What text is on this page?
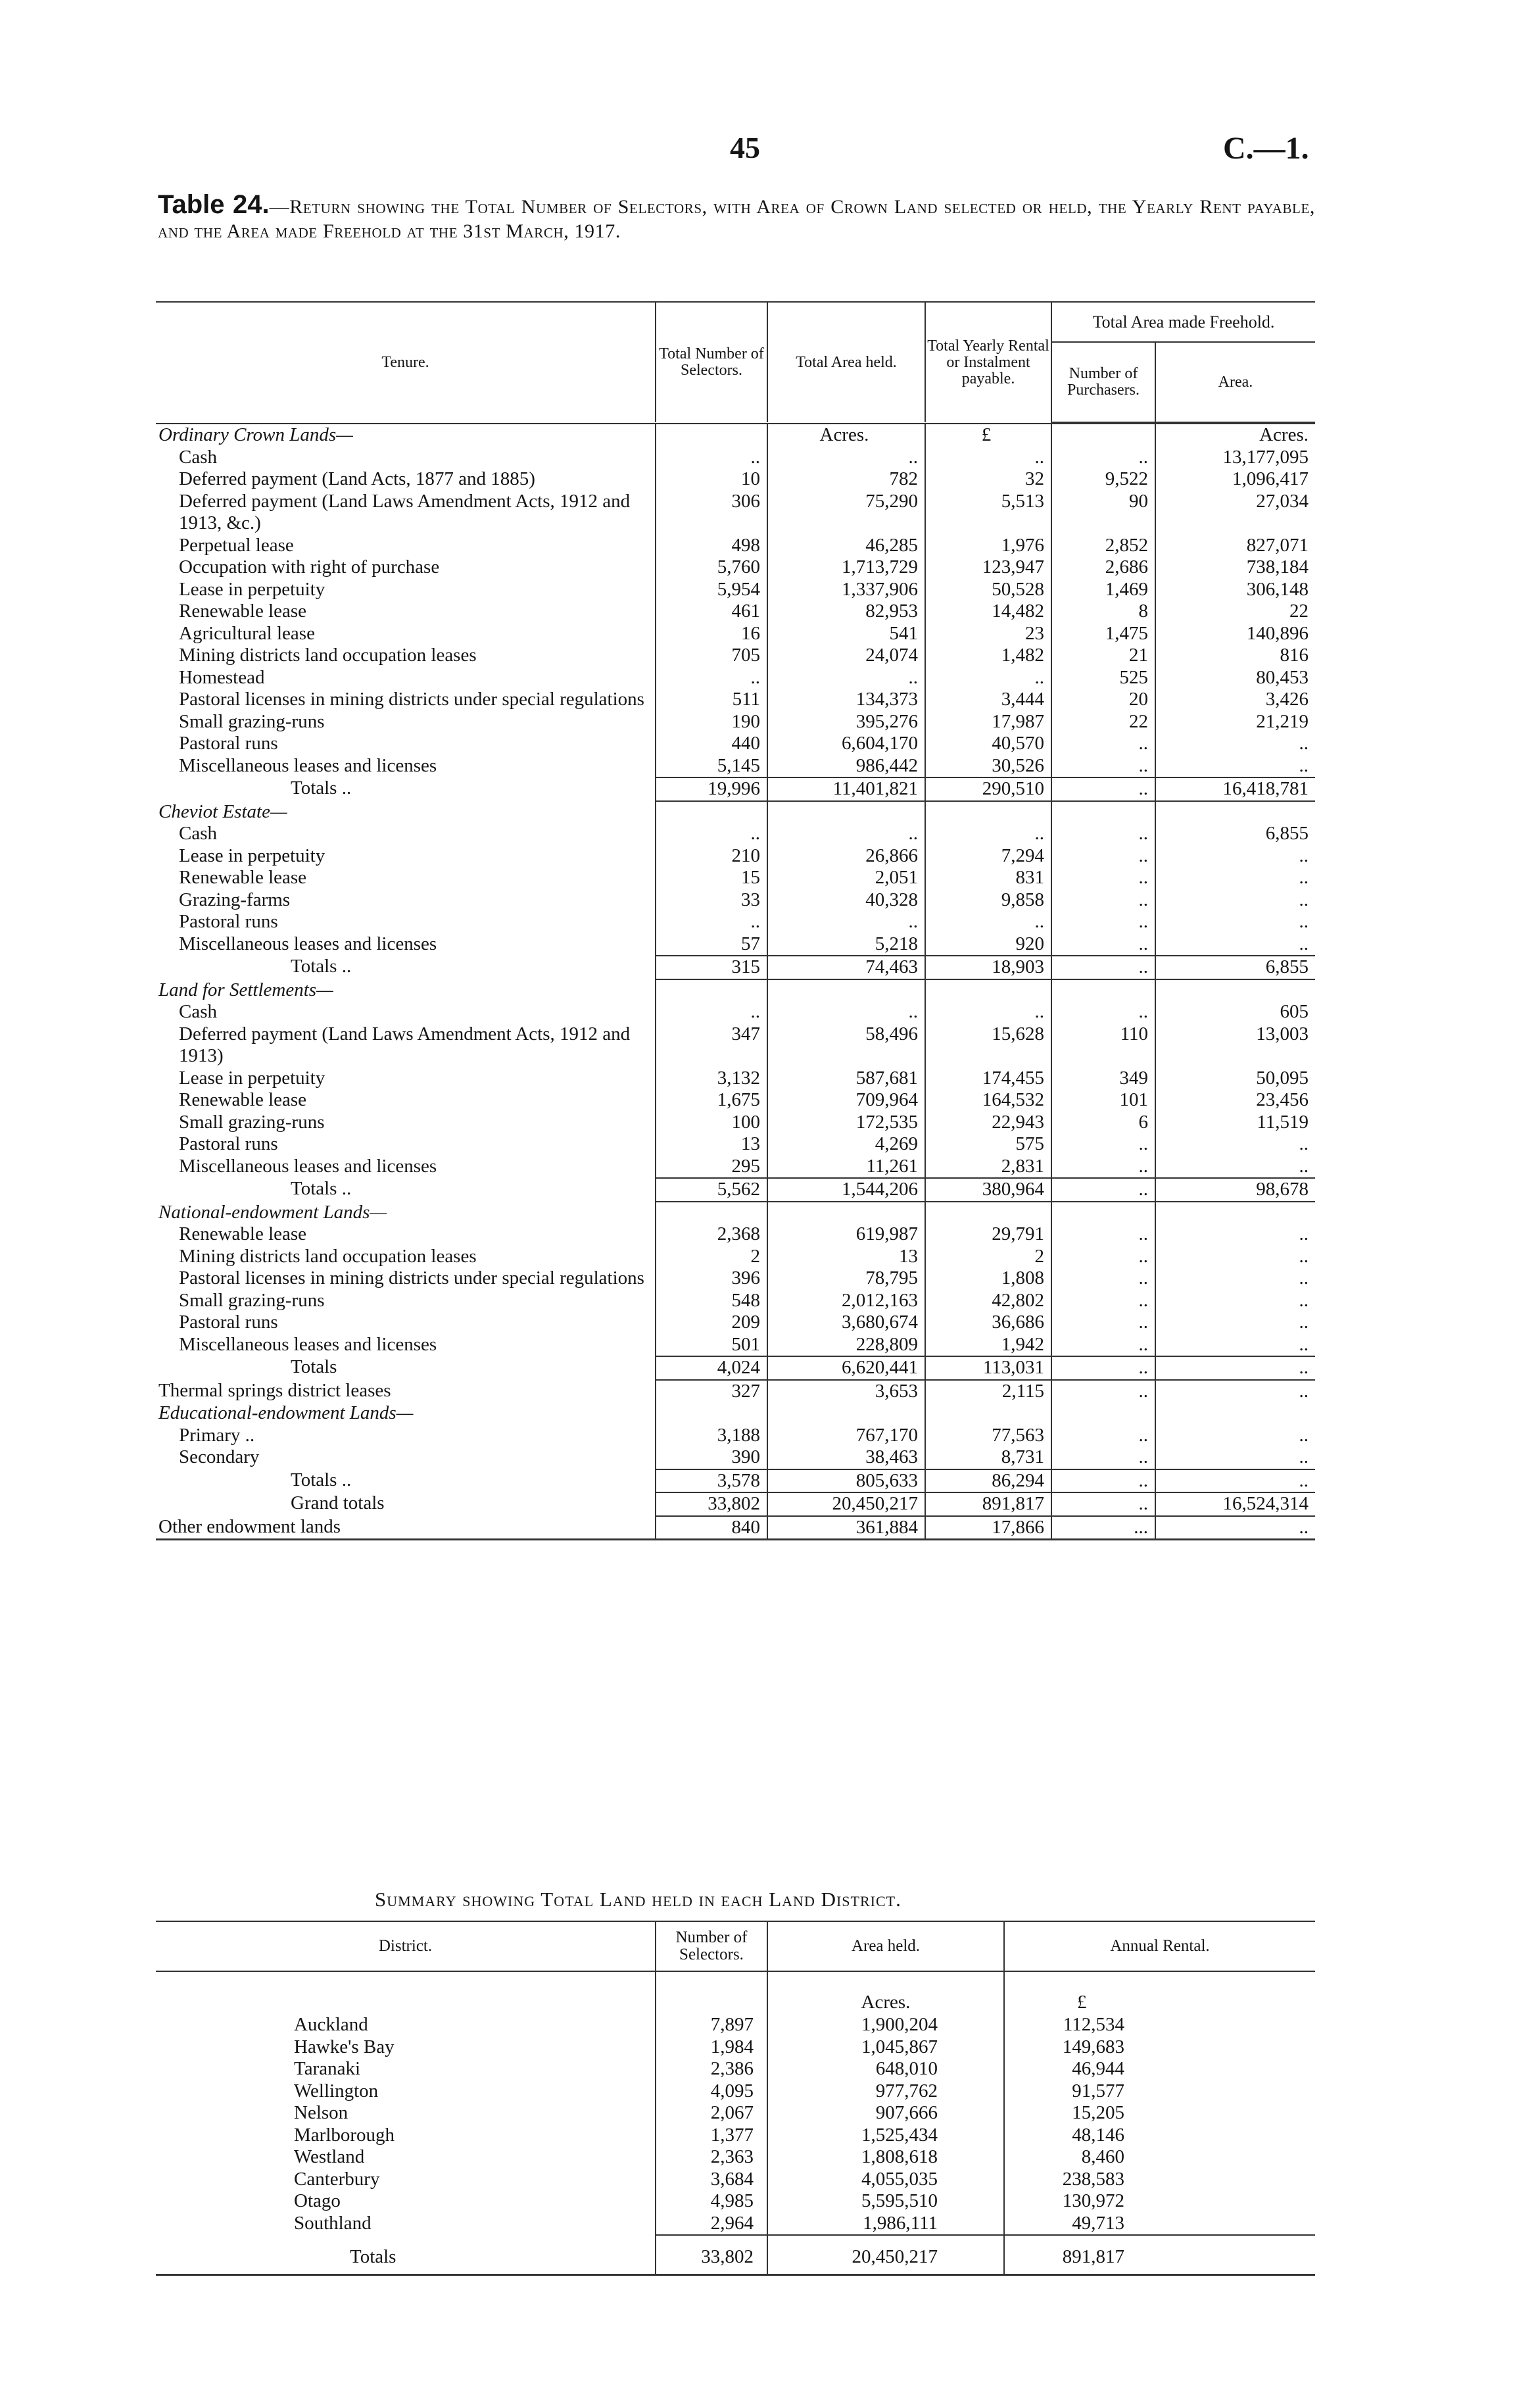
45	C.—1.
Table 24.—Return showing the Total Number of Selectors, with Area of Crown Land selected or held, the Yearly Rent payable, and the Area made Freehold at the 31st March, 1917.
Tenure.	Total Number of Selectors.	Total Area held.	Total Yearly Rental or Instalment payable.	Total Area made Freehold.	
				Number of Purchasers.	Area.

Ordinary Crown Lands—		Acres.	£		Acres.
Cash	..	..	..	..	13,177,095
Deferred payment (Land Acts, 1877 and 1885)	10	782	32	9,522	1,096,417
Deferred payment (Land Laws Amendment Acts, 1912 and 1913, &c.)	306	75,290	5,513	90	27,034
Perpetual lease	498	46,285	1,976	2,852	827,071
Occupation with right of purchase	5,760	1,713,729	123,947	2,686	738,184
Lease in perpetuity	5,954	1,337,906	50,528	1,469	306,148
Renewable lease	461	82,953	14,482	8	22
Agricultural lease	16	541	23	1,475	140,896
Mining districts land occupation leases	705	24,074	1,482	21	816
Homestead	..	..	..	525	80,453
Pastoral licenses in mining districts under special regulations	511	134,373	3,444	20	3,426
Small grazing-runs	190	395,276	17,987	22	21,219
Pastoral runs	440	6,604,170	40,570	..	..
Miscellaneous leases and licenses	5,145	986,442	30,526	..	..
Totals ..	19,996	11,401,821	290,510	..	16,418,781
Cheviot Estate—					
Cash	..	..	..	..	6,855
Lease in perpetuity	210	26,866	7,294	..	..
Renewable lease	15	2,051	831	..	..
Grazing-farms	33	40,328	9,858	..	..
Pastoral runs	..	..	..	..	..
Miscellaneous leases and licenses	57	5,218	920	..	..
Totals ..	315	74,463	18,903	..	6,855
Land for Settlements—					
Cash	..	..	..	..	605
Deferred payment (Land Laws Amendment Acts, 1912 and 1913)	347	58,496	15,628	110	13,003
Lease in perpetuity	3,132	587,681	174,455	349	50,095
Renewable lease	1,675	709,964	164,532	101	23,456
Small grazing-runs	100	172,535	22,943	6	11,519
Pastoral runs	13	4,269	575	..	..
Miscellaneous leases and licenses	295	11,261	2,831	..	..
Totals ..	5,562	1,544,206	380,964	..	98,678
National-endowment Lands—					
Renewable lease	2,368	619,987	29,791	..	..
Mining districts land occupation leases	2	13	2	..	..
Pastoral licenses in mining districts under special regulations	396	78,795	1,808	..	..
Small grazing-runs	548	2,012,163	42,802	..	..
Pastoral runs	209	3,680,674	36,686	..	..
Miscellaneous leases and licenses	501	228,809	1,942	..	..
Totals	4,024	6,620,441	113,031	..	..
Thermal springs district leases	327	3,653	2,115	..	..
Educational-endowment Lands—					
Primary ..	3,188	767,170	77,563	..	..
Secondary	390	38,463	8,731	..	..
Totals ..	3,578	805,633	86,294	..	..
Grand totals	33,802	20,450,217	891,817	..	16,524,314
Other endowment lands	840	361,884	17,866	...	..
Summary showing Total Land held in each Land District.
District.	Number of Selectors.	Area held.	Annual Rental.
		Acres.	£
Auckland	7,897	1,900,204	112,534
Hawke's Bay	1,984	1,045,867	149,683
Taranaki	2,386	648,010	46,944
Wellington	4,095	977,762	91,577
Nelson	2,067	907,666	15,205
Marlborough	1,377	1,525,434	48,146
Westland	2,363	1,808,618	8,460
Canterbury	3,684	4,055,035	238,583
Otago	4,985	5,595,510	130,972
Southland	2,964	1,986,111	49,713
Totals	33,802	20,450,217	891,817
